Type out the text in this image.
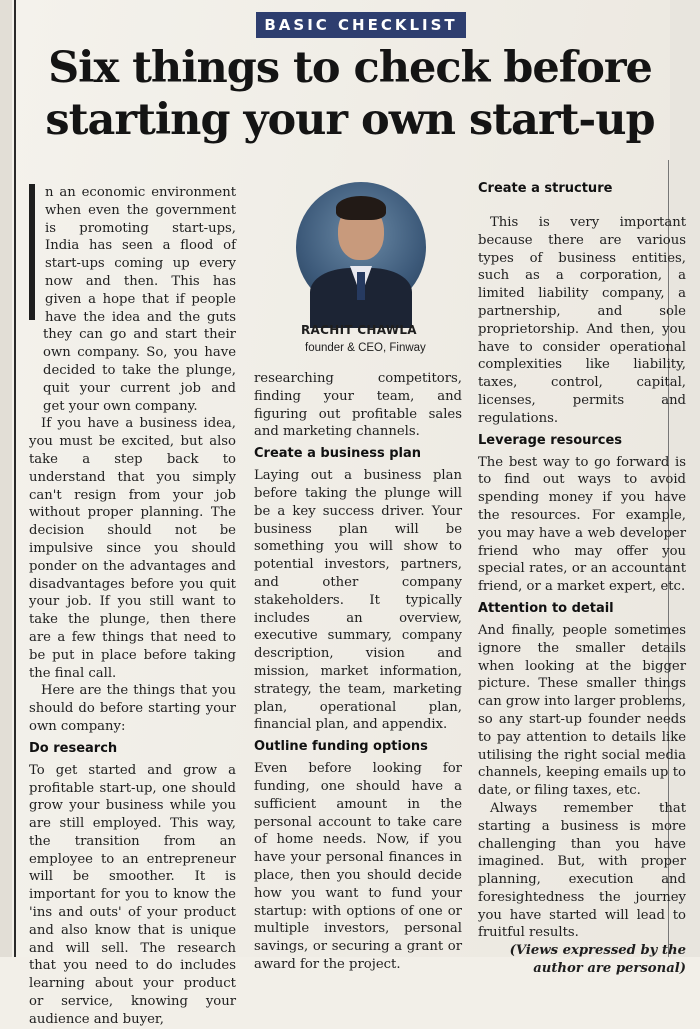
BASIC CHECKLIST
Six things to check before starting your own start-up

n an economic environment when even the government is promoting start-ups, India has seen a flood of start-ups coming up every now and then. This has given a hope that if people have the idea and the guts they can go and start their own company. So, you have decided to take the plunge, quit your current job and get your own company.

If you have a business idea, you must be excited, but also take a step back to understand that you simply can't resign from your job without proper planning. The decision should not be impulsive since you should ponder on the advantages and disadvantages before you quit your job. If you still want to take the plunge, then there are a few things that need to be put in place before taking the final call.

Here are the things that you should do before starting your own company:

Do research

To get started and grow a profitable start-up, one should grow your business while you are still employed. This way, the transition from an employee to an entrepreneur will be smoother. It is important for you to know the 'ins and outs' of your product and also know that is unique and will sell. The research that you need to do includes learning about your product or service, knowing your audience and buyer,

RACHIT CHAWLA
founder & CEO, Finway

researching competitors, finding your team, and figuring out profitable sales and marketing channels.

Create a business plan

Laying out a business plan before taking the plunge will be a key success driver. Your business plan will be something you will show to potential investors, partners, and other company stakeholders. It typically includes an overview, executive summary, company description, vision and mission, market information, strategy, the team, marketing plan, operational plan, financial plan, and appendix.

Outline funding options

Even before looking for funding, one should have a sufficient amount in the personal account to take care of home needs. Now, if you have your personal finances in place, then you should decide how you want to fund your startup: with options of one or multiple investors, personal savings, or securing a grant or award for the project.

Create a structure

This is very important because there are various types of business entities, such as a corporation, a limited liability company, a partnership, and sole proprietorship. And then, you have to consider operational complexities like liability, taxes, control, capital, licenses, permits and regulations.

Leverage resources

The best way to go forward is to find out ways to avoid spending money if you have the resources. For example, you may have a web developer friend who may offer you special rates, or an accountant friend, or a market expert, etc.

Attention to detail

And finally, people sometimes ignore the smaller details when looking at the bigger picture. These smaller things can grow into larger problems, so any start-up founder needs to pay attention to details like utilising the right social media channels, keeping emails up to date, or filing taxes, etc.

Always remember that starting a business is more challenging than you have imagined. But, with proper planning, execution and foresightedness the journey you have started will lead to fruitful results.

(Views expressed by the author are personal)
